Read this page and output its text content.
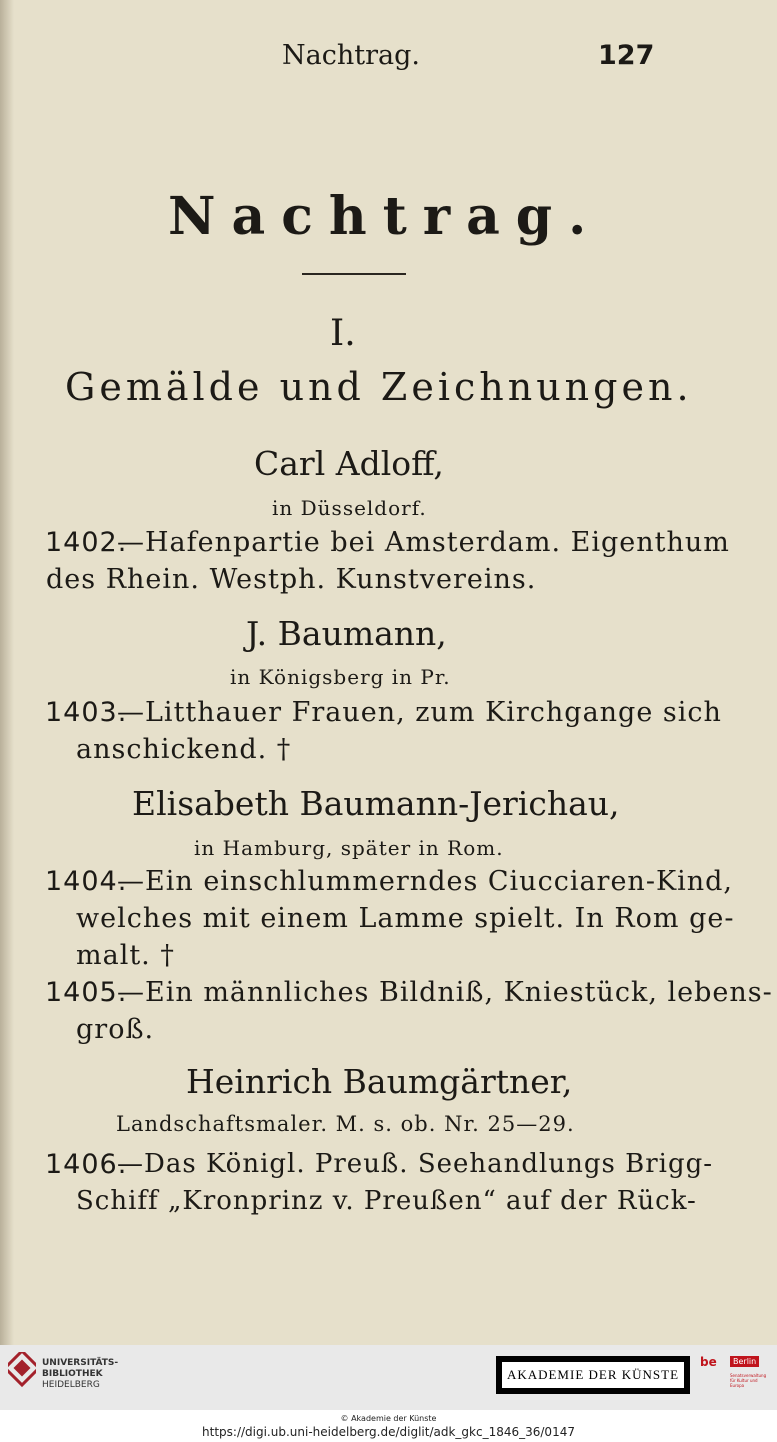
Nachtrag.	127
Nachtrag.
I.
Gemälde und Zeichnungen.
Carl Adloff,
in Düsseldorf.
1402.
—Hafenpartie bei Amsterdam. Eigenthum
des Rhein. Westph. Kunstvereins.
J. Baumann,
in Königsberg in Pr.
1403.
—Litthauer Frauen, zum Kirchgange sich
anschickend. †
Elisabeth Baumann-Jerichau,
in Hamburg, später in Rom.
1404.
—Ein einschlummerndes Ciucciaren-Kind,
welches mit einem Lamme spielt. In Rom ge-
malt. †
1405.
—Ein männliches Bildniß, Kniestück, lebens-
groß.
Heinrich Baumgärtner,
Landschaftsmaler. M. s. ob. Nr. 25—29.
1406.
—Das Königl. Preuß. Seehandlungs Brigg-
Schiff „Kronprinz v. Preußen“ auf der Rück-
UNIVERSITÄTS-
BIBLIOTHEK
HEIDELBERG
AKADEMIE DER KÜNSTE
be	Berlin
Senatsverwaltung für Kultur und Europa
© Akademie der Künste
https://digi.ub.uni-heidelberg.de/diglit/adk_gkc_1846_36/0147
